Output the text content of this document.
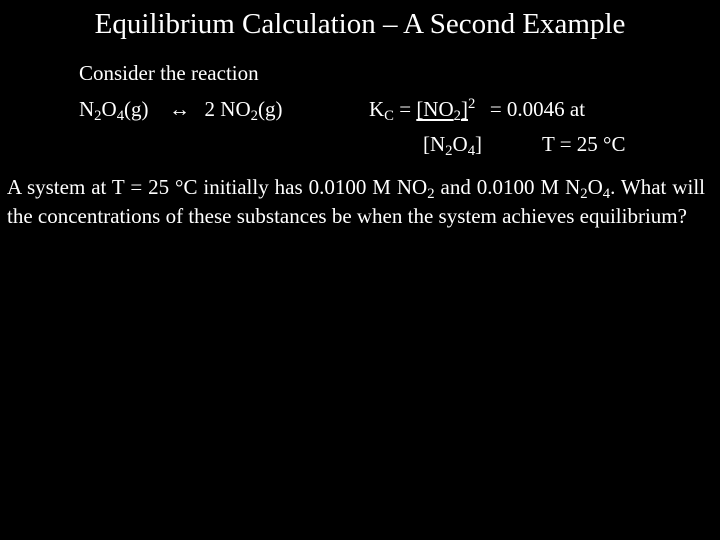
Equilibrium Calculation – A Second Example
Consider the reaction
$N_2O_4(g)$ ↔ 2 $NO_2(g)$	$K_C = [NO_2]^2 = 0.0046$ at
$[N_2O_4]$	T = 25 °C
A system at T = 25 °C initially has 0.0100 M $NO_2$ and 0.0100 M $N_2O_4$. What will the concentrations of these substances be when the system achieves equilibrium?
